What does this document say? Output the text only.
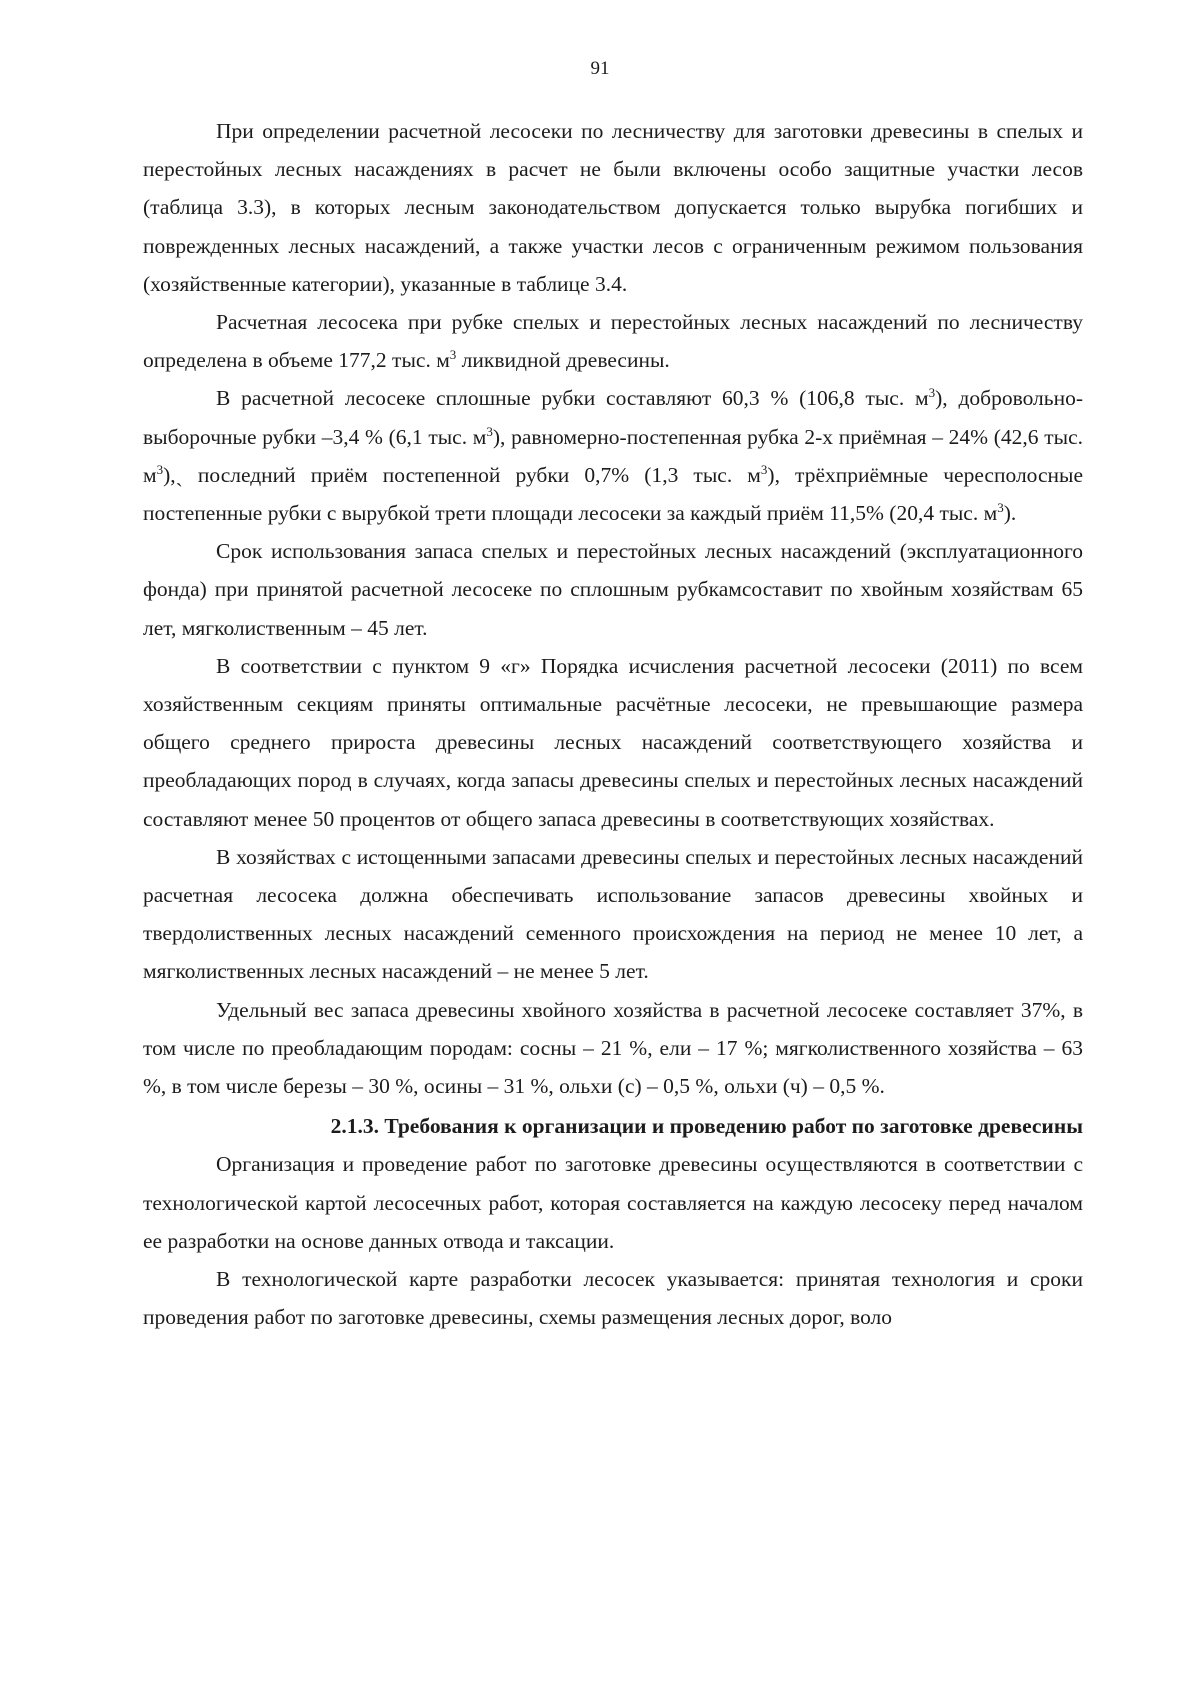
91

При определении расчетной лесосеки по лесничеству для заготовки древесины в спелых и перестойных лесных насаждениях в расчет не были включены особо защитные участки лесов (таблица 3.3), в которых лесным законодательством допускается только вырубка погибших и поврежденных лесных насаждений, а также участки лесов с ограниченным режимом пользования (хозяйственные категории), указанные в таблице 3.4.

Расчетная лесосека при рубке спелых и перестойных лесных насаждений по лесничеству определена в объеме 177,2 тыс. $м^3$ ликвидной древесины.

В расчетной лесосеке сплошные рубки составляют 60,3 % (106,8 тыс. $м^3$), добровольно-выборочные рубки –3,4 % (6,1 тыс. $м^3$), равномерно-постепенная рубка 2-х приёмная – 24% (42,6 тыс. $м^3),ˏ$ последний приём постепенной рубки 0,7% (1,3 тыс. $м^3$), трёхприёмные чересполосные постепенные рубки с вырубкой трети площади лесосеки за каждый приём 11,5% (20,4 тыс. $м^3$).

Срок использования запаса спелых и перестойных лесных насаждений (эксплуатационного фонда) при принятой расчетной лесосеке по сплошным рубкамсоставит по хвойным хозяйствам 65 лет, мягколиственным – 45 лет.

В соответствии с пунктом 9 «г» Порядка исчисления расчетной лесосеки (2011) по всем хозяйственным секциям приняты оптимальные расчётные лесосеки, не превышающие размера общего среднего прироста древесины лесных насаждений соответствующего хозяйства и преобладающих пород в случаях, когда запасы древесины спелых и перестойных лесных насаждений составляют менее 50 процентов от общего запаса древесины в соответствующих хозяйствах.

В хозяйствах с истощенными запасами древесины спелых и перестойных лесных насаждений расчетная лесосека должна обеспечивать использование запасов древесины хвойных и твердолиственных лесных насаждений семенного происхождения на период не менее 10 лет, а мягколиственных лесных насаждений – не менее 5 лет.

Удельный вес запаса древесины хвойного хозяйства в расчетной лесосеке составляет 37%, в том числе по преобладающим породам: сосны – 21 %, ели – 17 %; мягколиственного хозяйства – 63 %, в том числе березы – 30 %, осины – 31 %, ольхи (с) – 0,5 %, ольхи (ч) – 0,5 %.

2.1.3. Требования к организации и проведению работ по заготовке древесины

Организация и проведение работ по заготовке древесины осуществляются в соответствии с технологической картой лесосечных работ, которая составляется на каждую лесосеку перед началом ее разработки на основе данных отвода и таксации.

В технологической карте разработки лесосек указывается: принятая технология и сроки проведения работ по заготовке древесины, схемы размещения лесных дорог, воло
